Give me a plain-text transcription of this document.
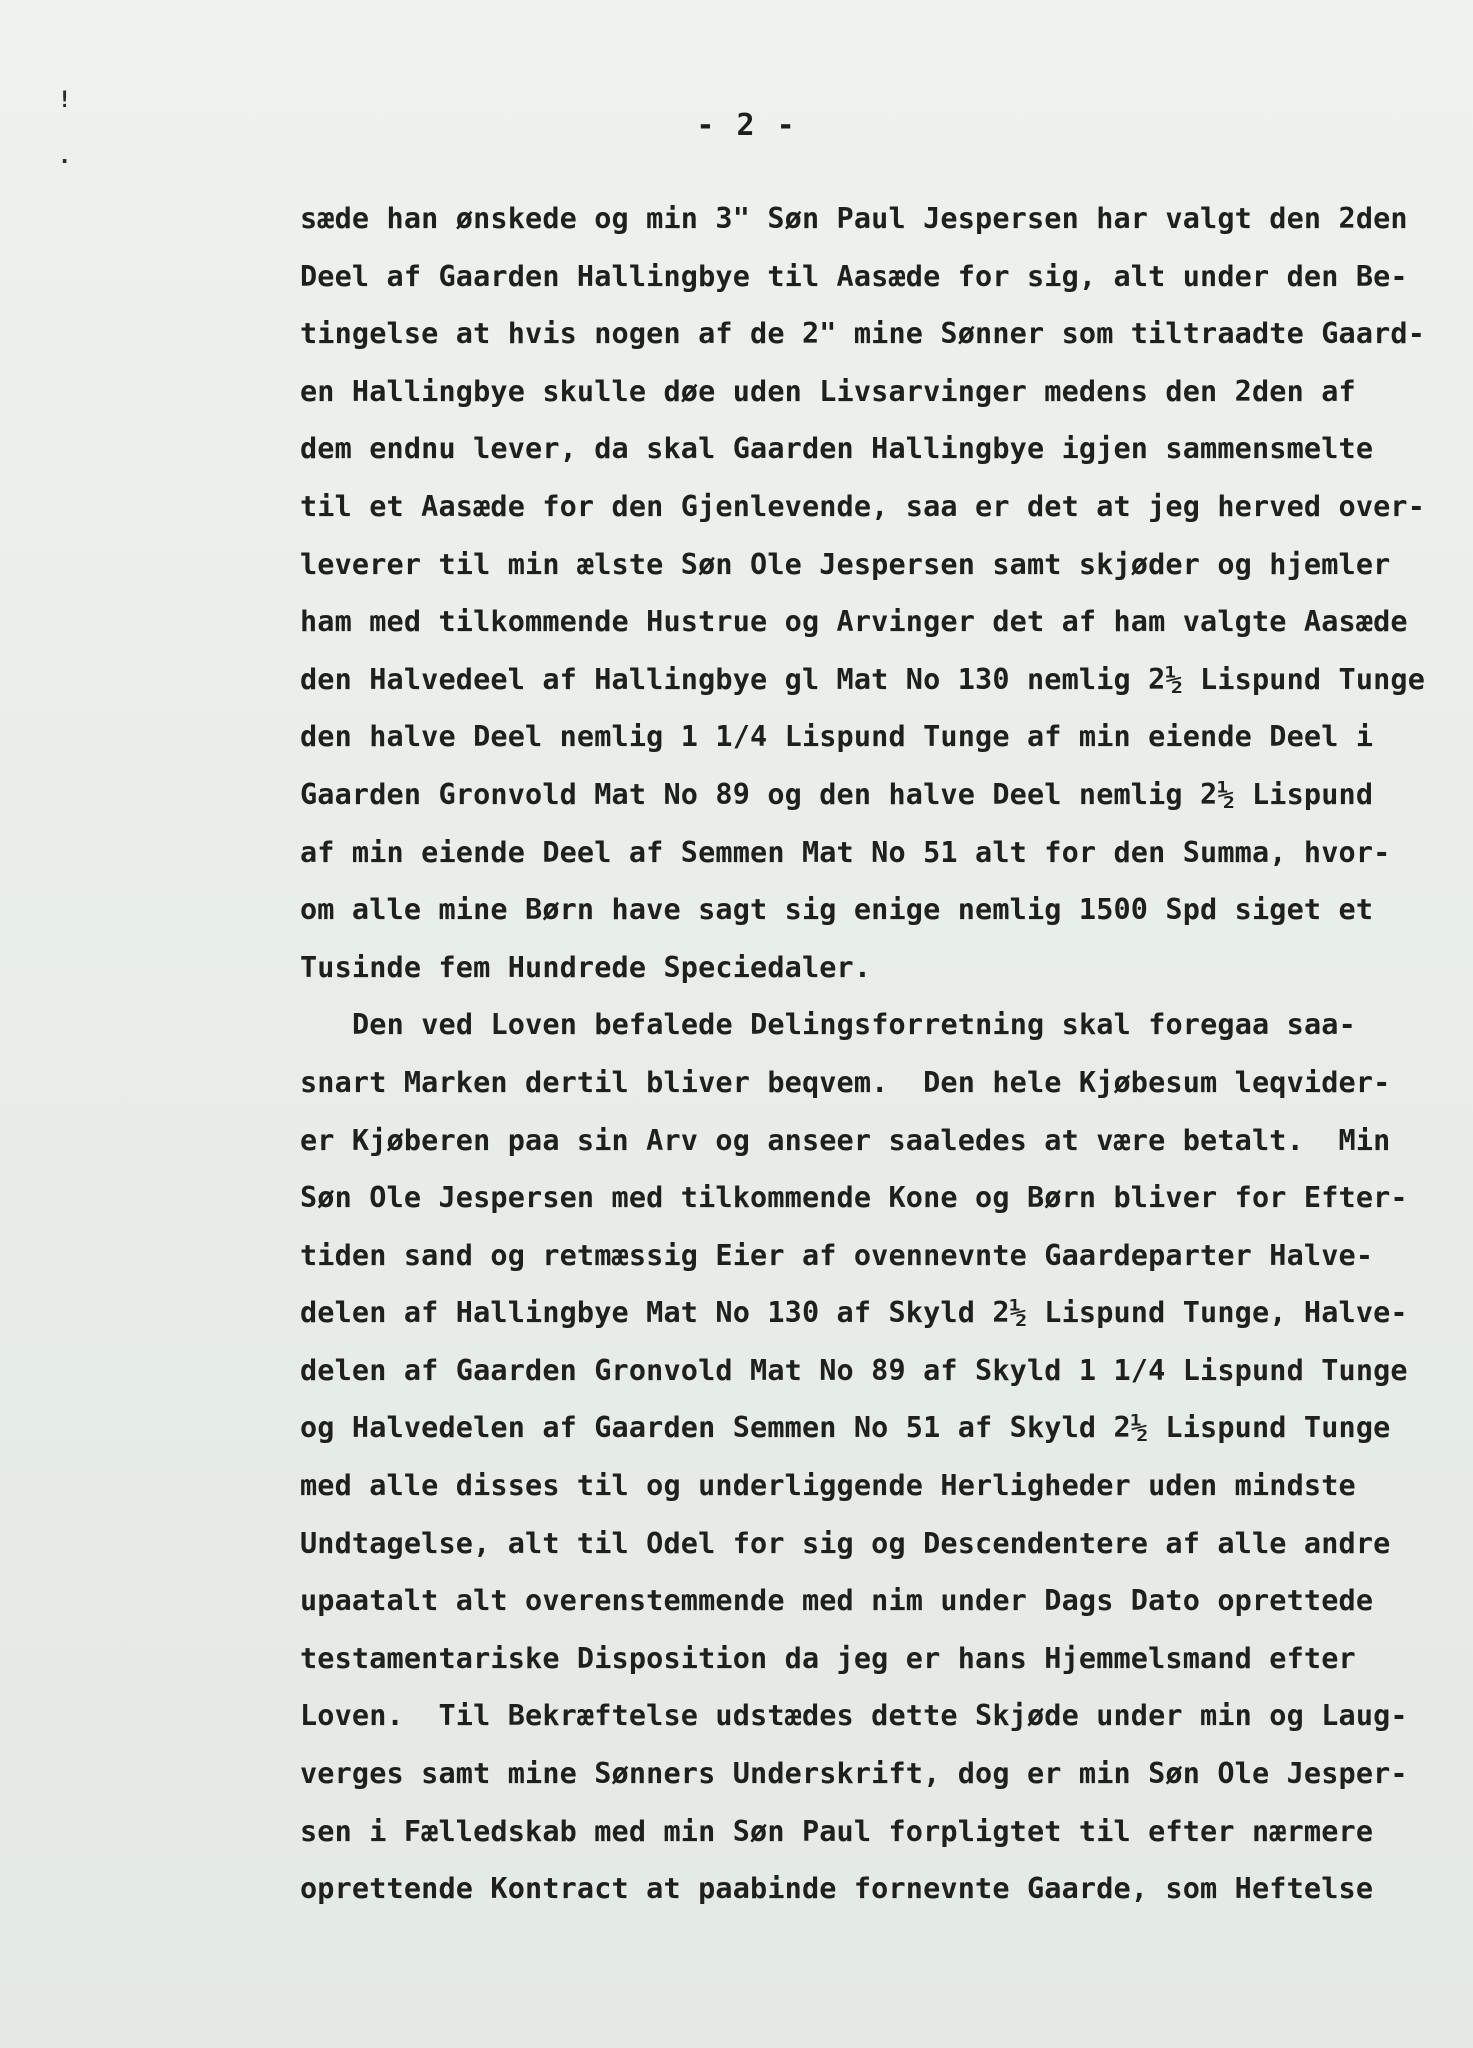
!
·
- 2 -
sæde han ønskede og min 3" Søn Paul Jespersen har valgt den 2den
Deel af Gaarden Hallingbye til Aasæde for sig, alt under den Be-
tingelse at hvis nogen af de 2" mine Sønner som tiltraadte Gaard-
en Hallingbye skulle døe uden Livsarvinger medens den 2den af
dem endnu lever, da skal Gaarden Hallingbye igjen sammensmelte
til et Aasæde for den Gjenlevende, saa er det at jeg herved over-
leverer til min ælste Søn Ole Jespersen samt skjøder og hjemler
ham med tilkommende Hustrue og Arvinger det af ham valgte Aasæde
den Halvedeel af Hallingbye gl Mat No 130 nemlig 2½ Lispund Tunge
den halve Deel nemlig 1 1/4 Lispund Tunge af min eiende Deel i
Gaarden Gronvold Mat No 89 og den halve Deel nemlig 2½ Lispund
af min eiende Deel af Semmen Mat No 51 alt for den Summa, hvor-
om alle mine Børn have sagt sig enige nemlig 1500 Spd siget et
Tusinde fem Hundrede Speciedaler.
Den ved Loven befalede Delingsforretning skal foregaa saa-
snart Marken dertil bliver beqvem.  Den hele Kjøbesum leqvider-
er Kjøberen paa sin Arv og anseer saaledes at være betalt.  Min
Søn Ole Jespersen med tilkommende Kone og Børn bliver for Efter-
tiden sand og retmæssig Eier af ovennevnte Gaardeparter Halve-
delen af Hallingbye Mat No 130 af Skyld 2½ Lispund Tunge, Halve-
delen af Gaarden Gronvold Mat No 89 af Skyld 1 1/4 Lispund Tunge
og Halvedelen af Gaarden Semmen No 51 af Skyld 2½ Lispund Tunge
med alle disses til og underliggende Herligheder uden mindste
Undtagelse, alt til Odel for sig og Descendentere af alle andre
upaatalt alt overenstemmende med nim under Dags Dato oprettede
testamentariske Disposition da jeg er hans Hjemmelsmand efter
Loven.  Til Bekræftelse udstædes dette Skjøde under min og Laug-
verges samt mine Sønners Underskrift, dog er min Søn Ole Jesper-
sen i Fælledskab med min Søn Paul forpligtet til efter nærmere
oprettende Kontract at paabinde fornevnte Gaarde, som Heftelse
